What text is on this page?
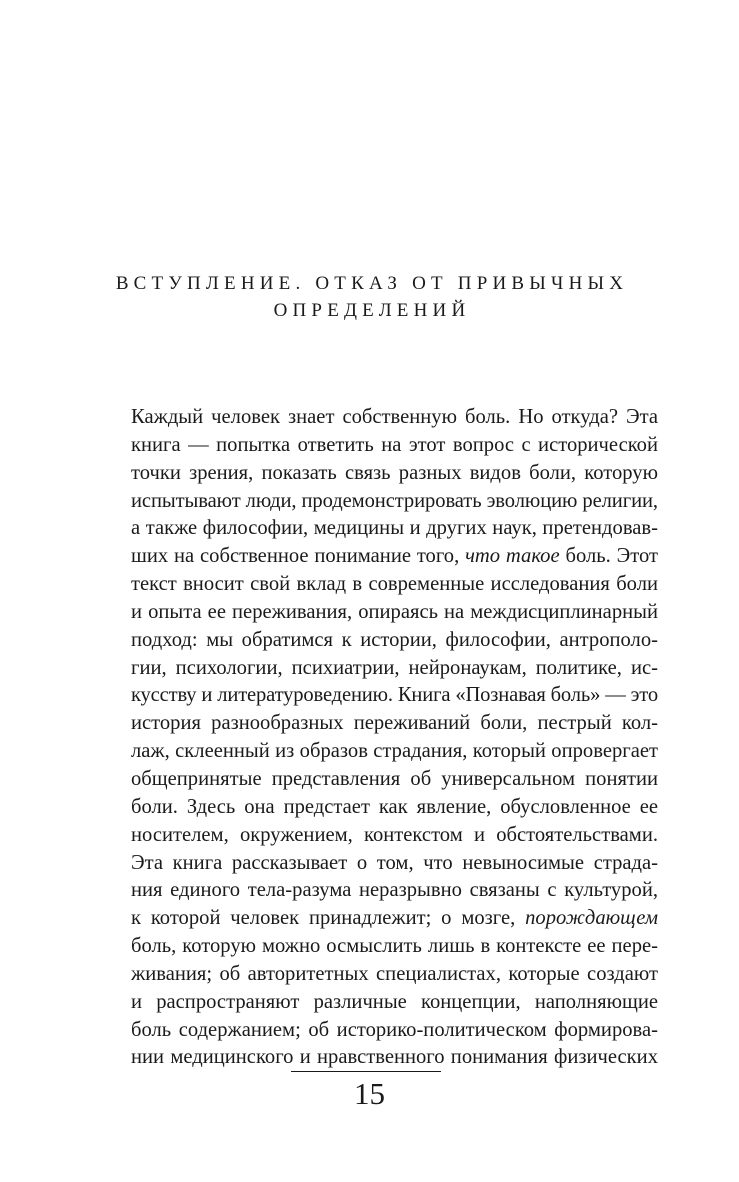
ВСТУПЛЕНИЕ. ОТКАЗ ОТ ПРИВЫЧНЫХ
ОПРЕДЕЛЕНИЙ
Каждый человек знает собственную боль. Но откуда? Эта
книга — попытка ответить на этот вопрос с исторической
точки зрения, показать связь разных видов боли, которую
испытывают люди, продемонстрировать эволюцию религии,
а также философии, медицины и других наук, претендовав-
ших на собственное понимание того, что такое боль. Этот
текст вносит свой вклад в современные исследования боли
и опыта ее переживания, опираясь на междисциплинарный
подход: мы обратимся к истории, философии, антрополо-
гии, психологии, психиатрии, нейронаукам, политике, ис-
кусству и литературоведению. Книга «Познавая боль» — это
история разнообразных переживаний боли, пестрый кол-
лаж, склеенный из образов страдания, который опровергает
общепринятые представления об универсальном понятии
боли. Здесь она предстает как явление, обусловленное ее
носителем, окружением, контекстом и обстоятельствами.
Эта книга рассказывает о том, что невыносимые страда-
ния единого тела-разума неразрывно связаны с культурой,
к которой человек принадлежит; о мозге, порождающем
боль, которую можно осмыслить лишь в контексте ее пере-
живания; об авторитетных специалистах, которые создают
и распространяют различные концепции, наполняющие
боль содержанием; об историко-политическом формирова-
нии медицинского и нравственного понимания физических
15
